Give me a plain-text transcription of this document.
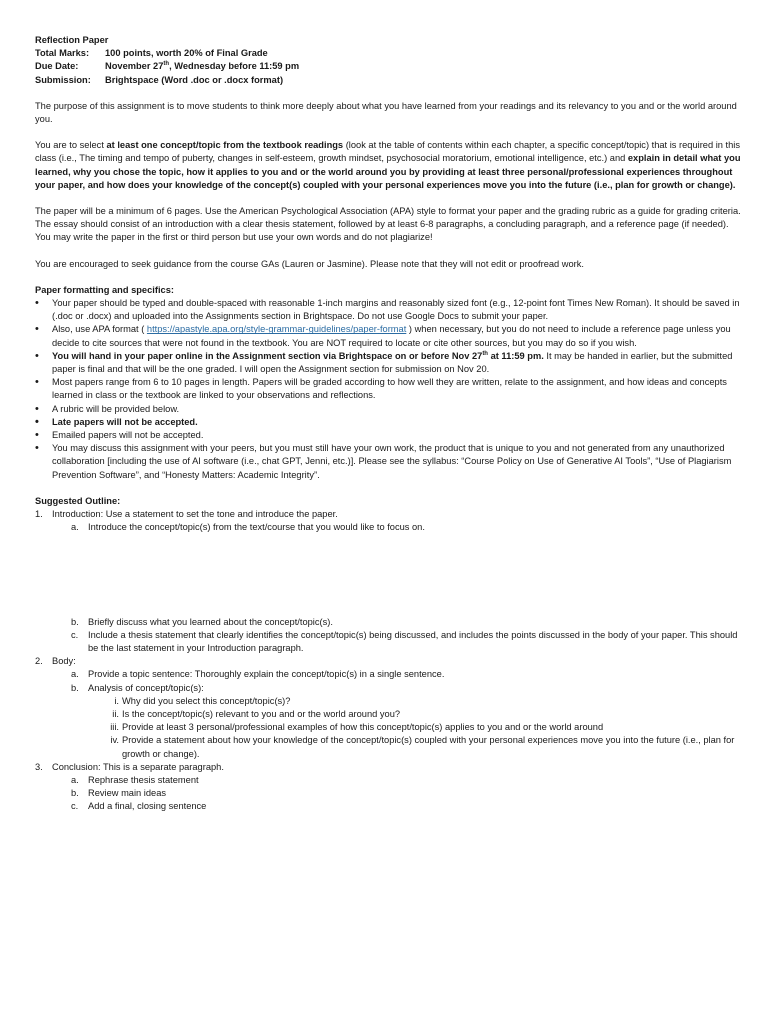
Reflection Paper
Total Marks:	100 points, worth 20% of Final Grade
Due Date:	November 27th, Wednesday before 11:59 pm
Submission:	Brightspace (Word .doc or .docx format)

The purpose of this assignment is to move students to think more deeply about what you have learned from your readings and its relevancy to you and or the world around you.

You are to select at least one concept/topic from the textbook readings (look at the table of contents within each chapter, a specific concept/topic) that is required in this class (i.e., The timing and tempo of puberty, changes in self-esteem, growth mindset, psychosocial moratorium, emotional intelligence, etc.) and explain in detail what you learned, why you chose the topic, how it applies to you and or the world around you by providing at least three personal/professional experiences throughout your paper, and how does your knowledge of the concept(s) coupled with your personal experiences move you into the future (i.e., plan for growth or change).

The paper will be a minimum of 6 pages. Use the American Psychological Association (APA) style to format your paper and the grading rubric as a guide for grading criteria. The essay should consist of an introduction with a clear thesis statement, followed by at least 6-8 paragraphs, a concluding paragraph, and a reference page (if needed). You may write the paper in the first or third person but use your own words and do not plagiarize!

You are encouraged to seek guidance from the course GAs (Lauren or Jasmine). Please note that they will not edit or proofread work.

Paper formatting and specifics:
• Your paper should be typed and double-spaced with reasonable 1-inch margins and reasonably sized font (e.g., 12-point font Times New Roman). It should be saved in (.doc or .docx) and uploaded into the Assignments section in Brightspace. Do not use Google Docs to submit your paper.
• Also, use APA format ( https://apastyle.apa.org/style-grammar-guidelines/paper-format ) when necessary, but you do not need to include a reference page unless you decide to cite sources that were not found in the textbook. You are NOT required to locate or cite other sources, but you may do so if you wish.
• You will hand in your paper online in the Assignment section via Brightspace on or before Nov 27th at 11:59 pm. It may be handed in earlier, but the submitted paper is final and that will be the one graded. I will open the Assignment section for submission on Nov 20.
• Most papers range from 6 to 10 pages in length. Papers will be graded according to how well they are written, relate to the assignment, and how ideas and concepts learned in class or the textbook are linked to your observations and reflections.
• A rubric will be provided below.
• Late papers will not be accepted.
• Emailed papers will not be accepted.
• You may discuss this assignment with your peers, but you must still have your own work, the product that is unique to you and not generated from any unauthorized collaboration [including the use of AI software (i.e., chat GPT, Jenni, etc.)]. Please see the syllabus: “Course Policy on Use of Generative AI Tools”, “Use of Plagiarism Prevention Software”, and “Honesty Matters: Academic Integrity”.
Suggested Outline:
1. Introduction: Use a statement to set the tone and introduce the paper.
a. Introduce the concept/topic(s) from the text/course that you would like to focus on.
b. Briefly discuss what you learned about the concept/topic(s).
c. Include a thesis statement that clearly identifies the concept/topic(s) being discussed, and includes the points discussed in the body of your paper. This should be the last statement in your Introduction paragraph.
2. Body:
a. Provide a topic sentence: Thoroughly explain the concept/topic(s) in a single sentence.
b. Analysis of concept/topic(s):
i. Why did you select this concept/topic(s)?
ii. Is the concept/topic(s) relevant to you and or the world around you?
iii. Provide at least 3 personal/professional examples of how this concept/topic(s) applies to you and or the world around
iv. Provide a statement about how your knowledge of the concept/topic(s) coupled with your personal experiences move you into the future (i.e., plan for growth or change).
3. Conclusion: This is a separate paragraph.
a. Rephrase thesis statement
b. Review main ideas
c. Add a final, closing sentence
